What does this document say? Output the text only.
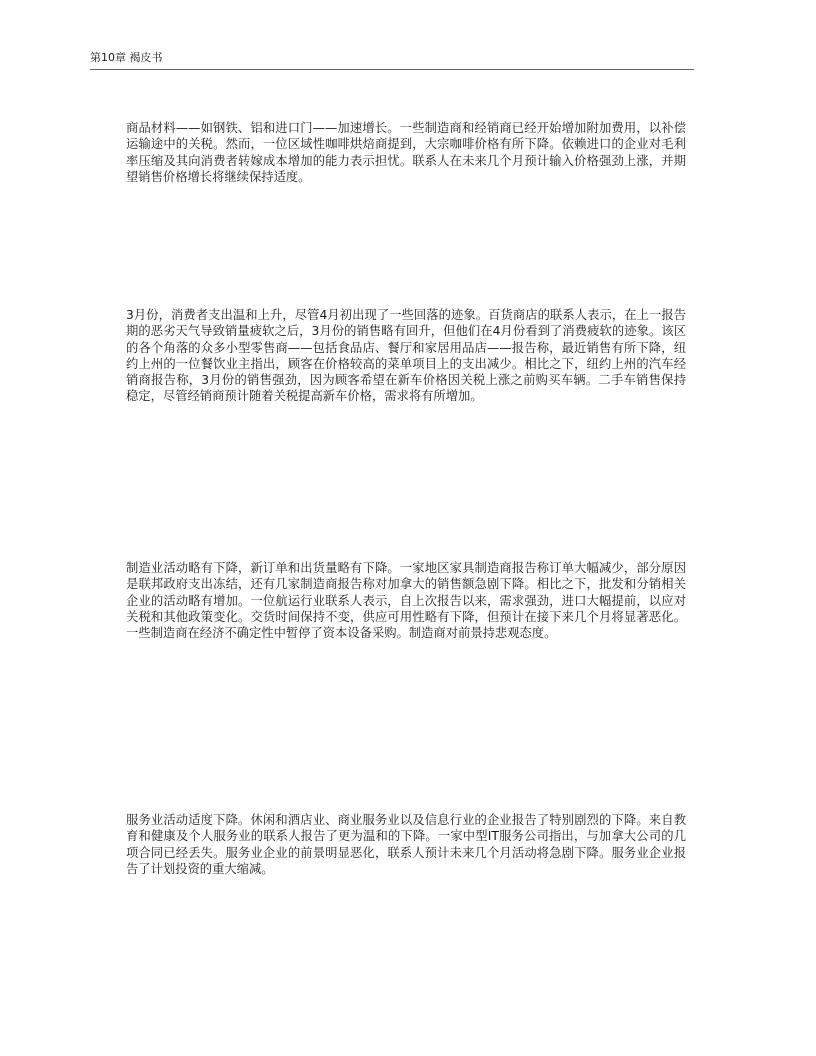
第10章 褐皮书

商品材料——如钢铁、铝和进口门——加速增长。一些制造商和经销商已经开始增加附加费用，以补偿运输途中的关税。然而，一位区域性咖啡烘焙商提到，大宗咖啡价格有所下降。依赖进口的企业对毛利率压缩及其向消费者转嫁成本增加的能力表示担忧。联系人在未来几个月预计输入价格强劲上涨，并期望销售价格增长将继续保持适度。

3月份，消费者支出温和上升，尽管4月初出现了一些回落的迹象。百货商店的联系人表示，在上一报告期的恶劣天气导致销量疲软之后，3月份的销售略有回升，但他们在4月份看到了消费疲软的迹象。该区的各个角落的众多小型零售商——包括食品店、餐厅和家居用品店——报告称，最近销售有所下降，纽约上州的一位餐饮业主指出，顾客在价格较高的菜单项目上的支出减少。相比之下，纽约上州的汽车经销商报告称，3月份的销售强劲，因为顾客希望在新车价格因关税上涨之前购买车辆。二手车销售保持稳定，尽管经销商预计随着关税提高新车价格，需求将有所增加。

制造业活动略有下降，新订单和出货量略有下降。一家地区家具制造商报告称订单大幅减少，部分原因是联邦政府支出冻结，还有几家制造商报告称对加拿大的销售额急剧下降。相比之下，批发和分销相关企业的活动略有增加。一位航运行业联系人表示，自上次报告以来，需求强劲，进口大幅提前，以应对关税和其他政策变化。交货时间保持不变，供应可用性略有下降，但预计在接下来几个月将显著恶化。一些制造商在经济不确定性中暂停了资本设备采购。制造商对前景持悲观态度。

服务业活动适度下降。休闲和酒店业、商业服务业以及信息行业的企业报告了特别剧烈的下降。来自教育和健康及个人服务业的联系人报告了更为温和的下降。一家中型IT服务公司指出，与加拿大公司的几项合同已经丢失。服务业企业的前景明显恶化，联系人预计未来几个月活动将急剧下降。服务业企业报告了计划投资的重大缩减。
